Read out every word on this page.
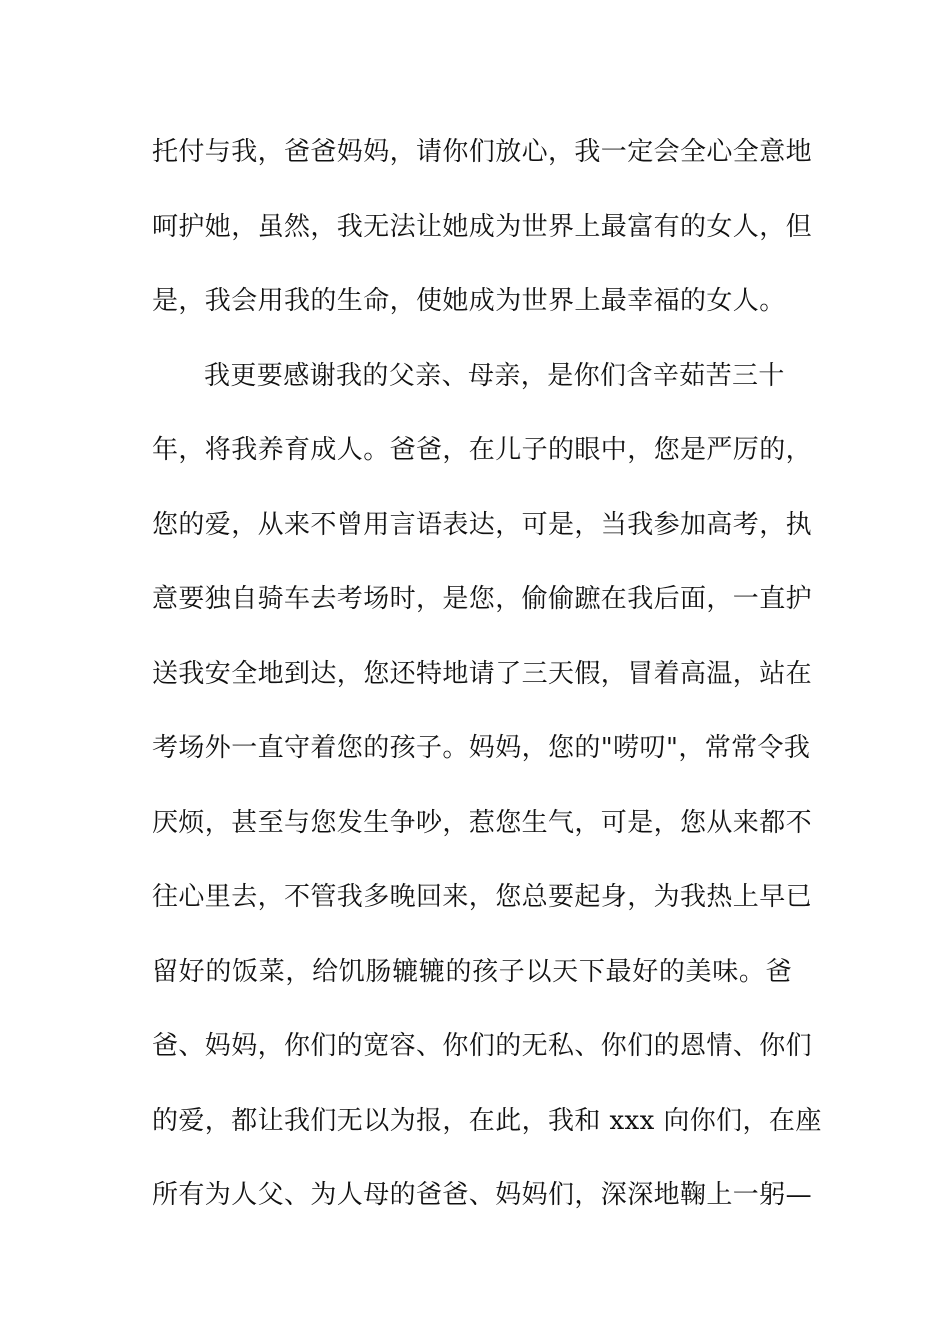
托付与我，爸爸妈妈，请你们放心，我一定会全心全意地
呵护她，虽然，我无法让她成为世界上最富有的女人，但
是，我会用我的生命，使她成为世界上最幸福的女人。
我更要感谢我的父亲、母亲，是你们含辛茹苦三十
年，将我养育成人。爸爸，在儿子的眼中，您是严厉的，
您的爱，从来不曾用言语表达，可是，当我参加高考，执
意要独自骑车去考场时，是您，偷偷蹠在我后面，一直护
送我安全地到达，您还特地请了三天假，冒着高温，站在
考场外一直守着您的孩子。妈妈，您的"唠叨"，常常令我
厌烦，甚至与您发生争吵，惹您生气，可是，您从来都不
往心里去，不管我多晚回来，您总要起身，为我热上早已
留好的饭菜，给饥肠辘辘的孩子以天下最好的美味。爸
爸、妈妈，你们的宽容、你们的无私、你们的恩情、你们
的爱，都让我们无以为报，在此，我和 xxx 向你们，在座
所有为人父、为人母的爸爸、妈妈们，深深地鞠上一躬—
